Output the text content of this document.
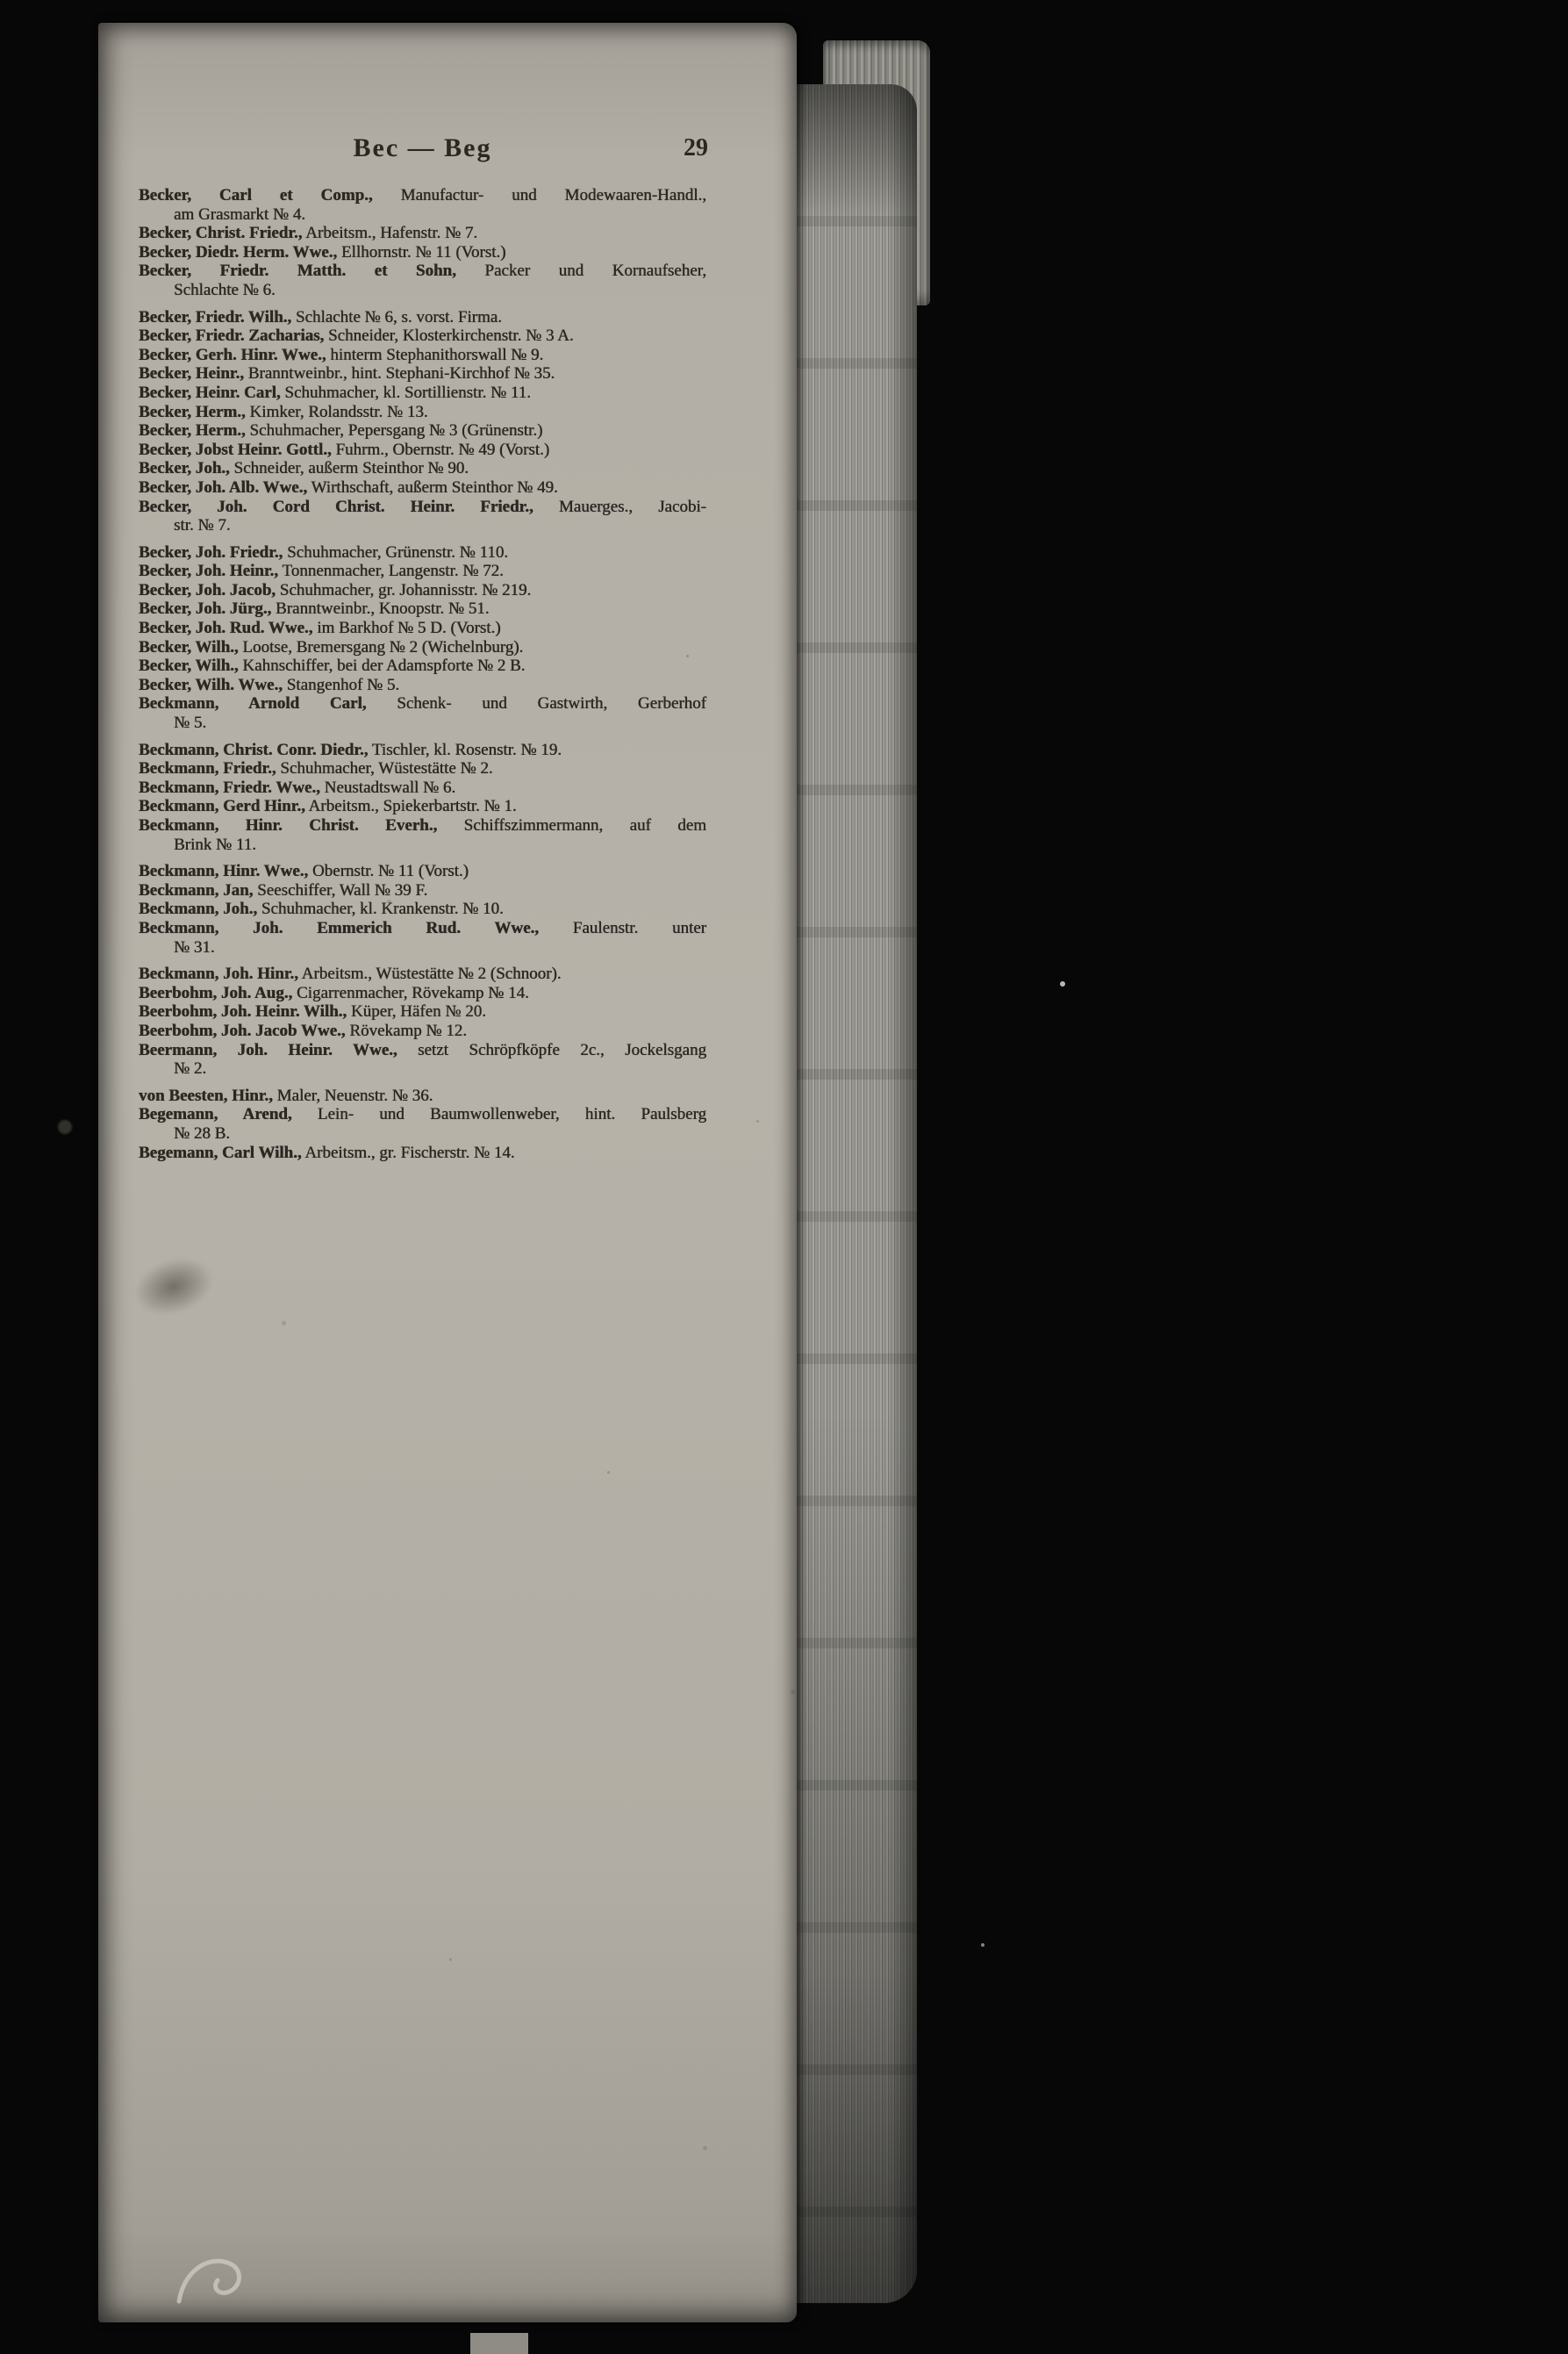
Bec — Beg	29
Becker, Carl et Comp., Manufactur- und Modewaaren-Handl.,
am Grasmarkt № 4.
Becker, Christ. Friedr., Arbeitsm., Hafenstr. № 7.
Becker, Diedr. Herm. Wwe., Ellhornstr. № 11 (Vorst.)
Becker, Friedr. Matth. et Sohn, Packer und Kornaufseher,
Schlachte № 6.
Becker, Friedr. Wilh., Schlachte № 6, s. vorst. Firma.
Becker, Friedr. Zacharias, Schneider, Klosterkirchenstr. № 3 A.
Becker, Gerh. Hinr. Wwe., hinterm Stephanithorswall № 9.
Becker, Heinr., Branntweinbr., hint. Stephani-Kirchhof № 35.
Becker, Heinr. Carl, Schuhmacher, kl. Sortillienstr. № 11.
Becker, Herm., Kimker, Rolandsstr. № 13.
Becker, Herm., Schuhmacher, Pepersgang № 3 (Grünenstr.)
Becker, Jobst Heinr. Gottl., Fuhrm., Obernstr. № 49 (Vorst.)
Becker, Joh., Schneider, außerm Steinthor № 90.
Becker, Joh. Alb. Wwe., Wirthschaft, außerm Steinthor № 49.
Becker, Joh. Cord Christ. Heinr. Friedr., Mauerges., Jacobi-
str. № 7.
Becker, Joh. Friedr., Schuhmacher, Grünenstr. № 110.
Becker, Joh. Heinr., Tonnenmacher, Langenstr. № 72.
Becker, Joh. Jacob, Schuhmacher, gr. Johannisstr. № 219.
Becker, Joh. Jürg., Branntweinbr., Knoopstr. № 51.
Becker, Joh. Rud. Wwe., im Barkhof № 5 D. (Vorst.)
Becker, Wilh., Lootse, Bremersgang № 2 (Wichelnburg).
Becker, Wilh., Kahnschiffer, bei der Adamspforte № 2 B.
Becker, Wilh. Wwe., Stangenhof № 5.
Beckmann, Arnold Carl, Schenk- und Gastwirth, Gerberhof
№ 5.
Beckmann, Christ. Conr. Diedr., Tischler, kl. Rosenstr. № 19.
Beckmann, Friedr., Schuhmacher, Wüstestätte № 2.
Beckmann, Friedr. Wwe., Neustadtswall № 6.
Beckmann, Gerd Hinr., Arbeitsm., Spiekerbartstr. № 1.
Beckmann, Hinr. Christ. Everh., Schiffszimmermann, auf dem
Brink № 11.
Beckmann, Hinr. Wwe., Obernstr. № 11 (Vorst.)
Beckmann, Jan, Seeschiffer, Wall № 39 F.
Beckmann, Joh., Schuhmacher, kl. Krankenstr. № 10.
Beckmann, Joh. Emmerich Rud. Wwe., Faulenstr. unter
№ 31.
Beckmann, Joh. Hinr., Arbeitsm., Wüstestätte № 2 (Schnoor).
Beerbohm, Joh. Aug., Cigarrenmacher, Rövekamp № 14.
Beerbohm, Joh. Heinr. Wilh., Küper, Häfen № 20.
Beerbohm, Joh. Jacob Wwe., Rövekamp № 12.
Beermann, Joh. Heinr. Wwe., setzt Schröpfköpfe 2c., Jockelsgang
№ 2.
von Beesten, Hinr., Maler, Neuenstr. № 36.
Begemann, Arend, Lein- und Baumwollenweber, hint. Paulsberg
№ 28 B.
Begemann, Carl Wilh., Arbeitsm., gr. Fischerstr. № 14.
